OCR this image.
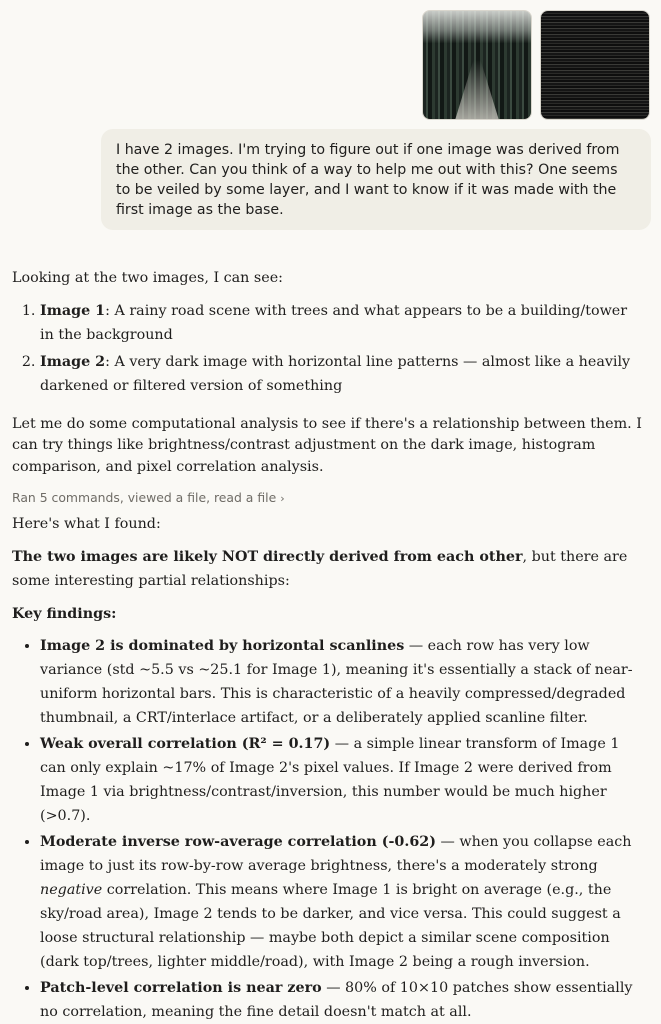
I have 2 images. I'm trying to figure out if one image was derived from the other. Can you think of a way to help me out with this? One seems to be veiled by some layer, and I want to know if it was made with the first image as the base.

Looking at the two images, I can see:

1. Image 1: A rainy road scene with trees and what appears to be a building/tower in the background
2. Image 2: A very dark image with horizontal line patterns — almost like a heavily darkened or filtered version of something

Let me do some computational analysis to see if there's a relationship between them. I can try things like brightness/contrast adjustment on the dark image, histogram comparison, and pixel correlation analysis.

Ran 5 commands, viewed a file, read a file ›

Here's what I found:

The two images are likely NOT directly derived from each other, but there are some interesting partial relationships:

Key findings:

• Image 2 is dominated by horizontal scanlines — each row has very low variance (std ~5.5 vs ~25.1 for Image 1), meaning it's essentially a stack of near-uniform horizontal bars. This is characteristic of a heavily compressed/degraded thumbnail, a CRT/interlace artifact, or a deliberately applied scanline filter.
• Weak overall correlation (R² = 0.17) — a simple linear transform of Image 1 can only explain ~17% of Image 2's pixel values. If Image 2 were derived from Image 1 via brightness/contrast/inversion, this number would be much higher (>0.7).
• Moderate inverse row-average correlation (-0.62) — when you collapse each image to just its row-by-row average brightness, there's a moderately strong negative correlation. This means where Image 1 is bright on average (e.g., the sky/road area), Image 2 tends to be darker, and vice versa. This could suggest a loose structural relationship — maybe both depict a similar scene composition (dark top/trees, lighter middle/road), with Image 2 being a rough inversion.
• Patch-level correlation is near zero — 80% of 10×10 patches show essentially no correlation, meaning the fine detail doesn't match at all.
